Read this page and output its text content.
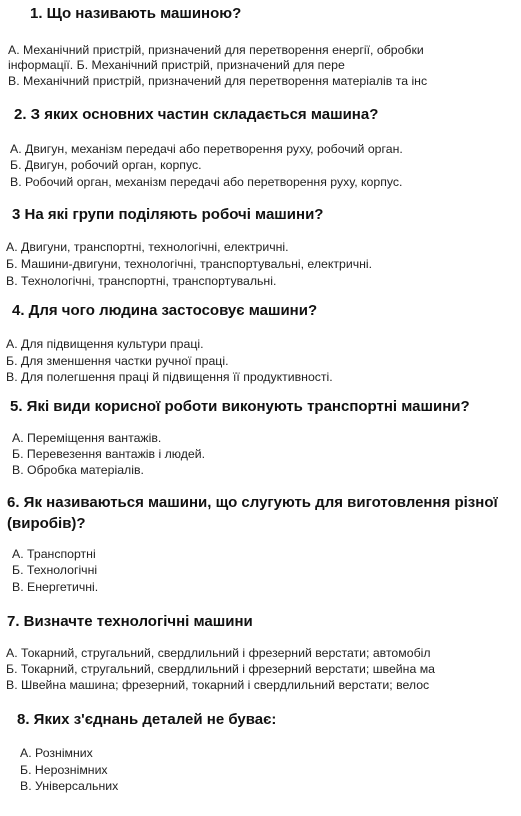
1. Що називають машиною?
А. Механічний пристрій, призначений для перетворення енергії, обробки
інформації. Б. Механічний пристрій, призначений для пере
В. Механічний пристрій, призначений для перетворення матеріалів та інс
2. З яких основних частин складається машина?
А. Двигун, механізм передачі або перетворення руху, робочий орган.
Б. Двигун, робочий орган, корпус.
В. Робочий орган, механізм передачі або перетворення руху, корпус.
3 На які групи поділяють робочі машини?
А. Двигуни, транспортні, технологічні, електричні.
Б. Машини-двигуни, технологічні, транспортувальні, електричні.
В. Технологічні, транспортні, транспортувальні.
4. Для чого людина застосовує машини?
А. Для підвищення культури праці.
Б. Для зменшення частки ручної праці.
В. Для полегшення праці й підвищення її продуктивності.
5. Які види корисної роботи виконують транспортні машини?
А. Переміщення вантажів.
Б. Перевезення вантажів і людей.
В. Обробка матеріалів.
6. Як називаються машини, що слугують для виготовлення різної
(виробів)?
А. Транспортні
Б. Технологічні
В. Енергетичні.
7. Визначте технологічні машини
А. Токарний, стругальний, свердлильний і фрезерний верстати; автомобіл
Б. Токарний, стругальний, свердлильний і фрезерний верстати; швейна ма
В. Швейна машина; фрезерний, токарний і свердлильний верстати; велос
8. Яких з'єднань деталей не буває:
А. Рознімних
Б. Нерознімних
В. Універсальних
